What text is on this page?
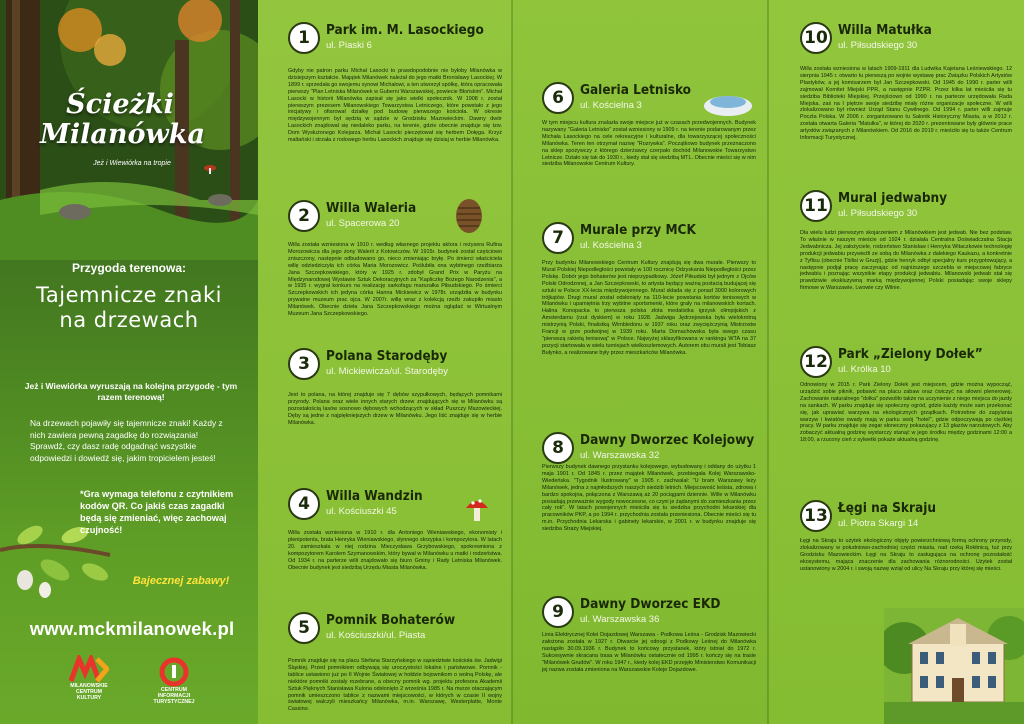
Ścieżki
Milanówka
Jeż i Wiewiórka na tropie
Przygoda terenowa:
Tajemnicze znaki
na drzewach
Jeż i Wiewiórka wyruszają na kolejną przygodę - tym razem terenową!
Na drzewach pojawiły się tajemnicze znaki! Każdy z nich zawiera pewną zagadkę do rozwiązania! Sprawdź, czy dasz radę odgadnąć wszystkie odpowiedzi i dowiedź się, jakim tropicielem jesteś!
*Gra wymaga telefonu z czytnikiem kodów QR. Co jakiś czas zagadki będą się zmieniać, więc zachowaj czujność!
Bajecznej zabawy!
www.mckmilanowek.pl
MILANOWSKIE
CENTRUM
KULTURY
CENTRUM
INFORMACJI
TURYSTYCZNEJ
1	Park im. M. Lasockiego
ul. Piaski 6
Gdyby nie patron parku Michał Lasocki to prawdopodobnie nie byłoby Milanówka w dzisiejszym kształcie. Majątek Milanówek należał do jego matki Bronisławy Lasockiej. W 1899 r. sprzedała go swojemu synowi Michałowi, a ten utworzył spółkę, która opracowała pierwszy "Plan Letniska Milanówek w Guberni Warszawskiej, powiecie Błońskim". Michał Lasocki w historii Milanówka zapisał się jako wielki społecznik. W 1908 r. został pierwszym prezesem Milanowskiego Towarzystwa Letniczego, które powstało z jego inicjatywy i ofiarował działkę pod budowę pierwszego kościoła. W okresie międzywojennym był sędzią w sądzie w Grodzisku Mazowieckim. Dawny dwór Lasockich znajdował się niedaleko parku, na terenie, gdzie obecnie znajduje się tzw. Dom Wysłużonego Kolejarza. Michał Lasocki pieczętował się herbem Dołęga. Krzyż maltański i strzała z rodowego herbu Lasockich znajduje się dzisiaj w herbie Milanówka.
2	Willa Waleria
ul. Spacerowa 20
Willa została wzniesiona w 1910 r. według własnego projektu aktora i reżysera Rufina Morozowicza dla jego żony Walerii z Kotowiczów. W 1915r. budynek został częściowo zniszczony, następnie odbudowano go, nieco zmieniając bryłę. Po śmierci właściciela willę odziedziczyła ich córka Maria Morozowicz. Poślubiła ona wybitnego rzeźbiarza Jana Szczepkowskiego, który w 1925 r. zdobył Grand Prix w Paryżu na Międzynarodowej Wystawie Sztuk Dekoracyjnych za "Kapliczkę Bożego Narodzenia", a w 1935 r. wygrał konkurs na realizację sarkofagu marszałka Piłsudskiego. Po śmierci Szczepkowskich ich jedyna córka Hanna Mickiewicz w 1978r. urządziła w budynku prywatne muzeum prac ojca. W 2007r. willę wraz z kolekcją rzeźb zakupiło miasto Milanówek. Obecnie dzieła Jana Szczepkowskiego można oglądać w Wirtualnym Muzeum Jana Szczepkowskiego.
3	Polana Starodęby
ul. Mickiewicza/ul. Starodęby
Jest to polana, na której znajduje się 7 dębów szypułkowych, będących pomnikami przyrody. Polana oraz wiele innych starych drzew znajdujących się w Milanówku są pozostałością lasów sosnowo dębowych wchodzących w skład Puszczy Mazowieckiej. Dęby są jedne z najpiękniejszych drzew w Milanówku. Jego liść znajduje się w herbie Milanówka.
4	Willa Wandzin
ul. Kościuszki 45
Willa została wzniesiona w 1910 r. dla Antoniego Wieniawskiego, ekonomisty i plenipotenta, brata Henryka Wieniawskiego, słynnego skrzypka i kompozytora. W latach 20. zamieszkała w niej rodzina Mieczysława Grzybowskiego, spokrewniona z kompozytorem Karolem Szymanowskim, który bywał w Milanówku u matki i rodzeństwa. Od 1934 r. na parterze willi znajdowało się biuro Gminy i Rady Letniska Milanówek. Obecnie budynek jest siedzibą Urzędu Miasta Milanówka.
5	Pomnik Bohaterów
ul. Kościuszki/ul. Piasta
Pomnik znajduje się na placu Stefana Starzyńskiego w sąsiedztwie kościoła św. Jadwigi Śląskiej. Przed pomnikiem odbywają się uroczystości lokalne i państwowe. Pomnik - tablice ustawiono już po II Wojnie Światowej w hołdzie bojownikom o wolną Polskę, ale niektóre pomniki zostały rozebrane, a obecny pomnik wg. projektu profesora Akademii Sztuk Pięknych Stanisława Kulona odsłonięto 2 września 1985 r. Na murze otaczającym pomnik umieszczono tablice z nazwami miejscowości, w których w czasie II wojny światowej walczyli mieszkańcy Milanówka, m.in. Warszawę, Westerplatte, Monte Cassino.
6	Galeria Letnisko
ul. Kościelna 3
W tym miejscu kultura znalazła swoje miejsce już w czasach przedwojennych. Budynek nazywany "Galeria Letnisko" został wzniesiony w 1909 r. na terenie podarowanym przez Michała Lasockiego na cele rekreacyjne i kulturalne, dla towarzyszącej społeczności Milanówka. Teren ten otrzymał nazwę "Rozrywka". Początkowo budynek przeznaczono na sklep spożywczy z którego dzierżawcy czerpało dochód Milanowskie Towarzystwo Letnicze. Działo się tak do 1930 r., kiedy stał się siedzibą MTL. Obecnie mieści się w nim siedziba Milanowskie Centrum Kultury.
7	Murale przy MCK
ul. Kościelna 3
Przy budynku Milanowskiego Centrum Kultury znajdują się dwa murale. Pierwszy to Mural Polskiej Niepodległości powstały w 100 rocznicę Odzyskania Niepodległości przez Polskę. Dobór jego bohaterów jest nieprzypadkowy. Józef Piłsudski był jednym z Ojców Polski Odrodzonej, a Jan Szczepkowski, to artysta będący ważną postacią budującej się sztuki w Polsce XX-lecia międzywojennego. Mural składa się z ponad 3000 kolorowych trójkątów. Drugi mural został odsłonięty na 110-lecie powstania kortów tenisowych w Milanówku i upamiętnia trzy wybitne sportsmenki, które grały na milanowskich kortach. Halina Konopacka to pierwsza polska złota medalistka igrzysk olimpijskich z Amsterdamu (rzut dyskiem) w roku 1928. Jadwiga Jędrzejowska była wielokrotną mistrzynią Polski, finalistką Wimbledonu w 1937 roku oraz zwyciężczynią Mistrzostw Francji w grze podwójnej w 1939 roku. Marta Domachowska była swego czasu "pierwszą rakietą tenisową" w Polsce. Najwyżej sklasyfikowana w rankingu WTA na 37 pozycji startowała w wielu turniejach wielkoszlemowych. Autorem obu murali jest Tobiasz Bułynko, a realizowane były przez mieszkańców Milanówka.
8	Dawny Dworzec Kolejowy
ul. Warszawska 32
Pierwszy budynek dawnego przystanku kolejowego, wybudowany i oddany do użytku 1 maja 1901 r. Od 1845 r. przez majątek Milanówek, przebiegała Kolej Warszawsko-Wiedeńska. "Tygodnik Ilustrowany" w 1905 r. zachwalał: "U bram Warszawy leży Milanówek, jedna z najmłodszych naszych siedzib letnich. Miejscowość leśista, zdrowa i bardzo spokojna, połączona z Warszawą aż 20 pociągami dziennie. Wille w Milanówku posiadają przeważnie wygody nowoczesne, co czyni je żądanymi do zamieszkania przez cały rok". W latach powojennych mieściła się tu siedziba przychodni lekarskiej dla pracowników PKP, a po 1994 r. przychodnia została przeniesiona. Obecnie mieści się tu m.in. Przychodnia Lekarska i gabinety lekarskie, w 2001 r. w budynku znajduje się siedziba Straży Miejskiej.
9	Dawny Dworzec EKD
ul. Warszawska 36
Linia Elektrycznej Kolei Dojazdowej Warszawa - Podkowa Leśna - Grodzisk Mazowiecki założona została w 1927 r. Otwarcie jej odnogi z Podkowy Leśnej do Milanówka nastąpiło 30.09.1936 r. Budynek to końcowy przystanek, który istniał do 1972 r. Sukcesywnie skracana trasa w Milanówku ostatecznie od 1995 r. kończy się na trasie "Milanówek Grudów". W roku 1947 r., kiedy kolej EKD przejęło Ministerstwo Komunikacji jej nazwa została zmieniona na Warszawskie Koleje Dojazdowe.
10 Willa Matułka
ul. Piłsudskiego 30
Willa została wzniesiona w latach 1909-1911 dla Ludwika Kajetana Leśniewskiego. 12 sierpnia 1945 r. otwarto tu pierwszą po wojnie wystawę prac Związku Polskich Artystów Plastyków, a jej komisarzem był Jan Szczepkowski. Od 1945 do 1990 r. parter willi zajmował Komitet Miejski PPR, a następnie PZPR. Przez kilka lat mieściła się tu siedziba Biblioteki Miejskiej. Przejściowo od 1990 r. na parterze urzędowała Rada Miejska, zaś na I piętrze swoje siedzibę miały różne organizacje społeczne. W willi zlokalizowano był również Urząd Stanu Cywilnego. Od 1994 r. parter willi zajmuje Poczta Polska. W 2006 r. zorganizowano tu Salonik Historyczny Miasta, a w 2012 r. została otwarta Galeria "Matułka", w której do 2020 r. prezentowane były głównie prace artystów związanych z Milanówkiem. Od 2016 do 2019 r. mieściło się tu także Centrum Informacji Turystycznej.
11 Mural jedwabny
ul. Piłsudskiego 30
Dla wielu ludzi pierwszym skojarzeniem z Milanówkiem jest jedwab. Nie bez podstaw. To właśnie w naszym mieście od 1924 r. działała Centralna Doświadczalna Stacja Jedwabnicza. Jej założyciele, rodzeństwo Stanisław i Henryka Witaczkowie technologię produkcji jedwabiu przywieźli ze sobą do Milanówka z dalekiego Kaukazu, a konkretnie z Tyflisu (obecnie Tbilisi w Gruzji), gdzie henryk odbył specjalny kurs przygotowujący, a następnie podjął pracę zaczynając od najniższego szczebla w miejscowej fabryce jedwabiu i poznając wszystkie etapy produkcji jedwabiu. Milanowski jedwab stał się prawdziwie ekskluzywną marką międzywojennej Polski posiadając swoje sklepy firmowe w Warszawie, Lwowie czy Wilnie.
12 Park „Zielony Dołek”
ul. Królka 10
Odnowiony w 2015 r. Park Zielony Dołek jest miejscem, gdzie można wypocząć, urządzić sobie piknik, pobawić na placu zabaw oraz ćwiczyć na siłowni plenerowej. Zachowanie naturalnego "dołka" pozwoliło także na uczynienie z niego miejsca do jazdy na sankach. W parku znajduje się społeczny ogród, gdzie każdy może sam przekonać się, jak uprawiać warzywa na ekologicznych grządkach. Potrzebne do zapylania warzyw i kwiatów owady mają w parku swój "hotel", gdzie odpoczywają po ciężkiej pracy. W parku znajduje się zegar słoneczny pokazujący z 13 głazów narzutowych. Aby zobaczyć aktualną godzinę wystarczy stanąć w jego środku między godzinami 12:00 a 18:00, a rzucony cień z sylwetki pokaże aktualną godzinę.
13 Łęgi na Skraju
ul. Piotra Skargi 14
Łęgi na Skraju to użytek ekologiczny objęty powierzchniową formą ochrony przyrody, zlokalizowany w południowo-zachodniej części miasta, nad rzeką Rokitnicą, tuż przy Grodzisku Mazowieckim. Łęgi na Skraju to zasługująca na ochronę pozostałość ekosystemu, mająca znaczenie dla zachowania różnorodności. Użytek został ustanowiony w 2004 r. i swoją nazwę wziął od ulicy Na Skraju przy której się mieści.
